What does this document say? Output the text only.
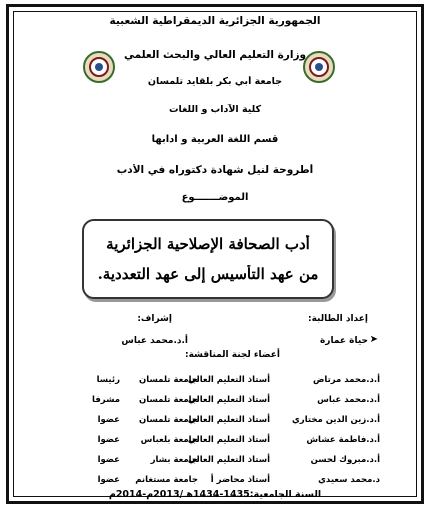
الجمهورية الجزائرية الديمقراطية الشعبية
وزارة التعليم العالي والبحث العلمي
جامعة أبي بكر بلقايد تلمسان
كلية الآداب و اللغات
قسم اللغة العربية و آدابها
أطروحة لنيل شهادة دكتوراه في الأدب
الموضـــــــوع
أدب الصحافة الإصلاحية الجزائرية
من عهد التأسيس إلى عهد التعددية.
إعداد الطالبة:
إشراف:
حياة عمارة ➤
أ.د.محمد عباس
أعضاء لجنة المناقشة:
أ.د.محمد مرتاض
أستاذ التعليم العالي
جامعة تلمسان
رئيسا
أ.د.محمد عباس
أستاذ التعليم العالي
جامعة تلمسان
مشرفا
أ.د.زين الدين مختاري
أستاذ التعليم العالي
جامعة تلمسان
عضوا
أ.د.فاطمة عشاش
أستاذ التعليم العالي
جامعة بلعباس
عضوا
أ.د.مبروك لحسن
أستاذ التعليم العالي
جامعة بشار
عضوا
د.محمد سعيدي
أستاذ محاضر أ
جامعة مستغانم
عضوا
السنة الجامعية:1435-1434هـ/2013م-2014م
